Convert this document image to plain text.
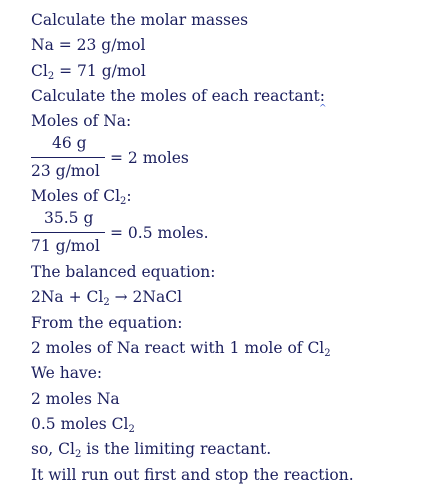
Calculate the molar masses
Na = 23 g/mol
$Cl_2 = 71$ g/mol
Calculate the moles of each reactant:
^
Moles of Na:
46 g
23 g/mol
= 2 moles
Moles of $Cl_2$:
35.5 g
71 g/mol
= 0.5 moles.
The balanced equation:
$2Na + Cl_2$ → 2NaCl
From the equation:
2 moles of Na react with 1 mole of $Cl_2$
We have:
2 moles Na
0.5 moles $Cl_2$
so, $Cl_2$ is the limiting reactant.
It will run out first and stop the reaction.
